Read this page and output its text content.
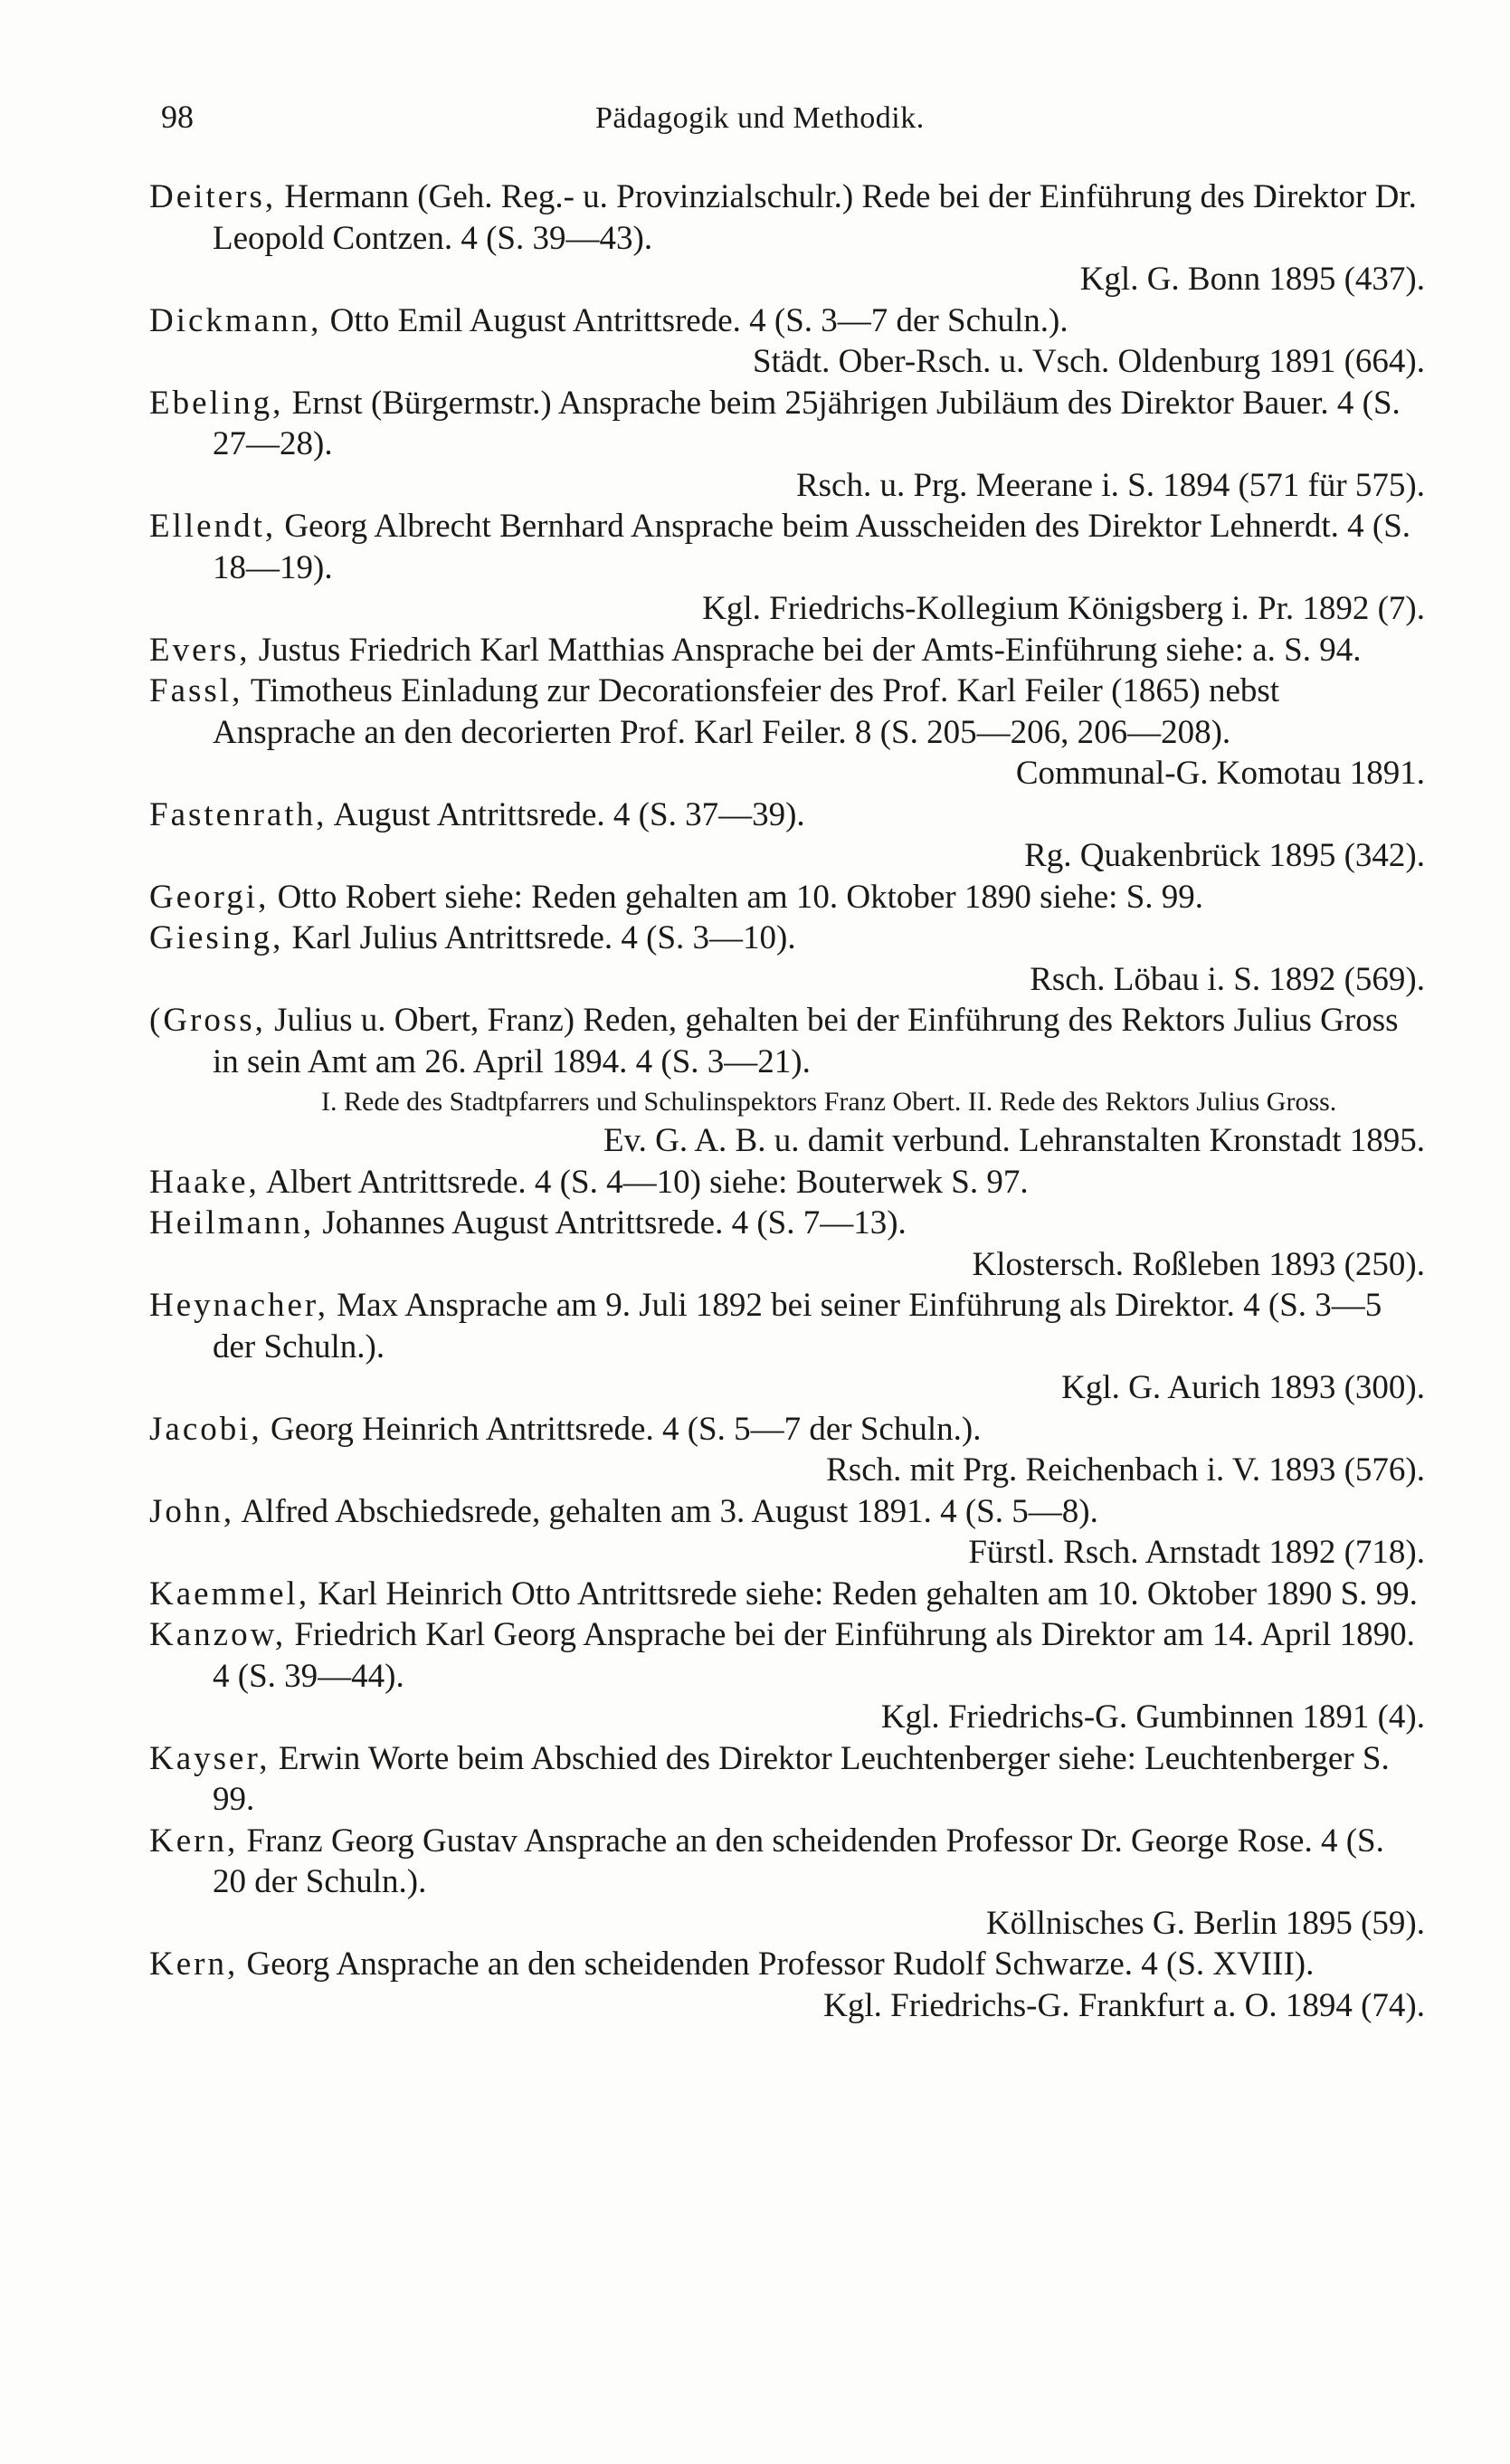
98	Pädagogik und Methodik.
Deiters, Hermann (Geh. Reg.- u. Provinzialschulr.) Rede bei der Einführung des Direktor Dr. Leopold Contzen. 4 (S. 39—43).
Kgl. G. Bonn 1895 (437).
Dickmann, Otto Emil August Antrittsrede. 4 (S. 3—7 der Schuln.).
Städt. Ober-Rsch. u. Vsch. Oldenburg 1891 (664).
Ebeling, Ernst (Bürgermstr.) Ansprache beim 25jährigen Jubiläum des Direktor Bauer. 4 (S. 27—28).
Rsch. u. Prg. Meerane i. S. 1894 (571 für 575).
Ellendt, Georg Albrecht Bernhard Ansprache beim Ausscheiden des Direktor Lehnerdt. 4 (S. 18—19).
Kgl. Friedrichs-Kollegium Königsberg i. Pr. 1892 (7).
Evers, Justus Friedrich Karl Matthias Ansprache bei der Amts-Einführung siehe: a. S. 94.
Fassl, Timotheus Einladung zur Decorationsfeier des Prof. Karl Feiler (1865) nebst Ansprache an den decorierten Prof. Karl Feiler. 8 (S. 205—206, 206—208).
Communal-G. Komotau 1891.
Fastenrath, August Antrittsrede. 4 (S. 37—39).
Rg. Quakenbrück 1895 (342).
Georgi, Otto Robert siehe: Reden gehalten am 10. Oktober 1890 siehe: S. 99.
Giesing, Karl Julius Antrittsrede. 4 (S. 3—10).
Rsch. Löbau i. S. 1892 (569).
(Gross, Julius u. Obert, Franz) Reden, gehalten bei der Einführung des Rektors Julius Gross in sein Amt am 26. April 1894. 4 (S. 3—21).
I. Rede des Stadtpfarrers und Schulinspektors Franz Obert. II. Rede des Rektors Julius Gross.
Ev. G. A. B. u. damit verbund. Lehranstalten Kronstadt 1895.
Haake, Albert Antrittsrede. 4 (S. 4—10) siehe: Bouterwek S. 97.
Heilmann, Johannes August Antrittsrede. 4 (S. 7—13).
Klostersch. Roßleben 1893 (250).
Heynacher, Max Ansprache am 9. Juli 1892 bei seiner Einführung als Direktor. 4 (S. 3—5 der Schuln.).
Kgl. G. Aurich 1893 (300).
Jacobi, Georg Heinrich Antrittsrede. 4 (S. 5—7 der Schuln.).
Rsch. mit Prg. Reichenbach i. V. 1893 (576).
John, Alfred Abschiedsrede, gehalten am 3. August 1891. 4 (S. 5—8).
Fürstl. Rsch. Arnstadt 1892 (718).
Kaemmel, Karl Heinrich Otto Antrittsrede siehe: Reden gehalten am 10. Oktober 1890 S. 99.
Kanzow, Friedrich Karl Georg Ansprache bei der Einführung als Direktor am 14. April 1890. 4 (S. 39—44).
Kgl. Friedrichs-G. Gumbinnen 1891 (4).
Kayser, Erwin Worte beim Abschied des Direktor Leuchtenberger siehe: Leuchtenberger S. 99.
Kern, Franz Georg Gustav Ansprache an den scheidenden Professor Dr. George Rose. 4 (S. 20 der Schuln.).
Köllnisches G. Berlin 1895 (59).
Kern, Georg Ansprache an den scheidenden Professor Rudolf Schwarze. 4 (S. XVIII).
Kgl. Friedrichs-G. Frankfurt a. O. 1894 (74).
